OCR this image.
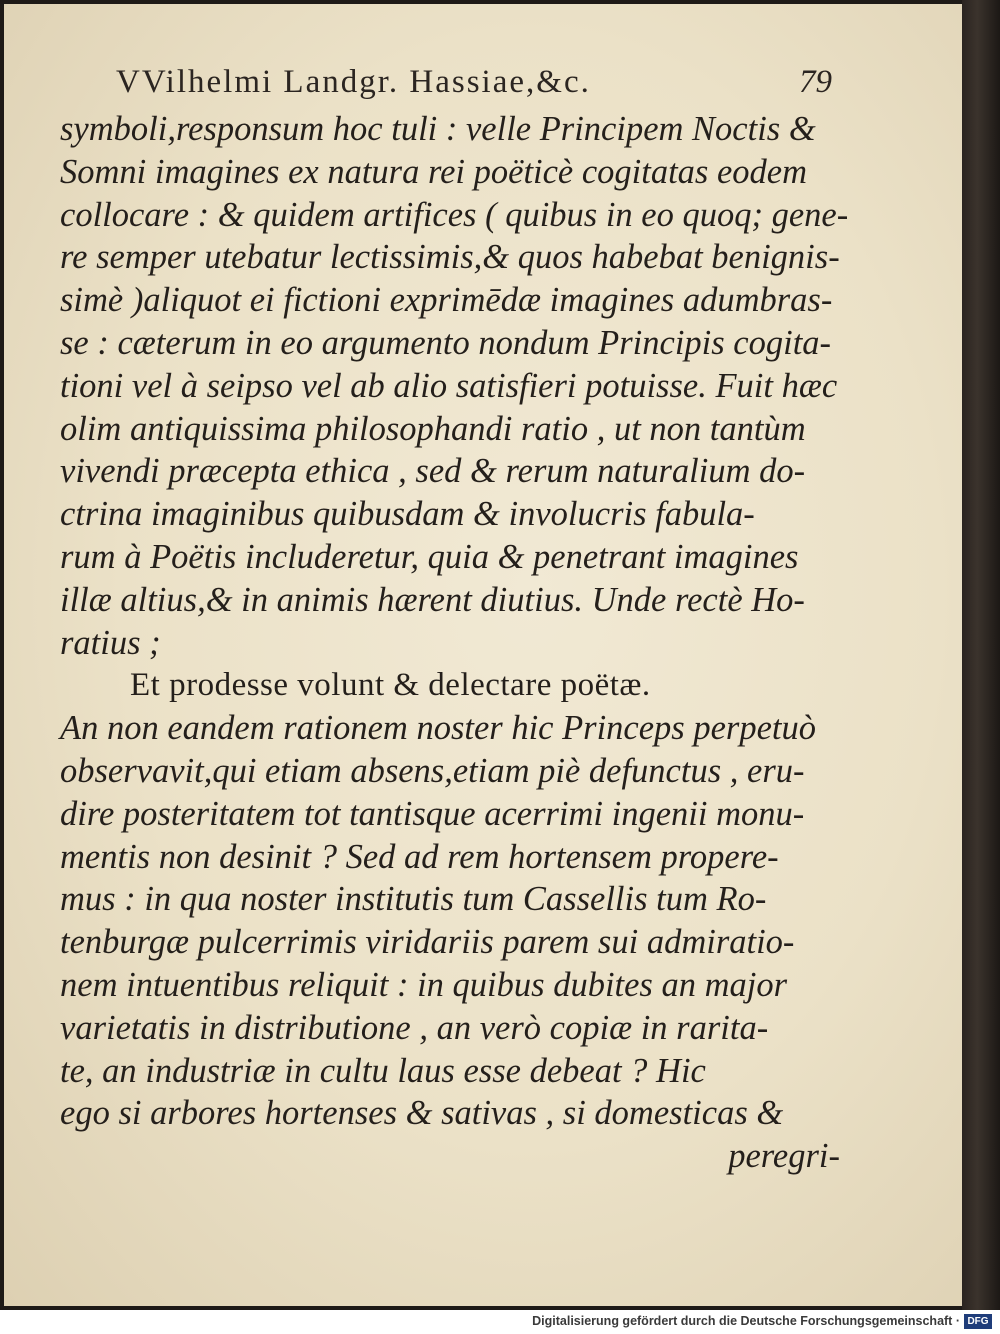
VVilhelmi Landgr. Hassiae,&c.	79
symboli,responsum hoc tuli : velle Principem Noctis &
Somni imagines ex natura rei poëticè cogitatas eodem
collocare : & quidem artifices ( quibus in eo quoq; gene-
re semper utebatur lectissimis,& quos habebat benignis-
simè )aliquot ei fictioni exprimēdæ imagines adumbras-
se : cæterum in eo argumento nondum Principis cogita-
tioni vel à seipso vel ab alio satisfieri potuisse. Fuit hæc
olim antiquissima philosophandi ratio , ut non tantùm
vivendi præcepta ethica , sed & rerum naturalium do-
ctrina imaginibus quibusdam & involucris fabula-
rum à Poëtis includeretur, quia & penetrant imagines
illæ altius,& in animis hærent diutius. Unde rectè Ho-
ratius ;
Et prodesse volunt & delectare poëtæ.
An non eandem rationem noster hic Princeps perpetuò
observavit,qui etiam absens,etiam piè defunctus , eru-
dire posteritatem tot tantisque acerrimi ingenii monu-
mentis non desinit ? Sed ad rem hortensem propere-
mus : in qua noster institutis tum Cassellis tum Ro-
tenburgæ pulcerrimis viridariis parem sui admiratio-
nem intuentibus reliquit : in quibus dubites an major
varietatis in distributione , an verò copiæ in rarita-
te, an industriæ in cultu laus esse debeat ? Hic
ego si arbores hortenses & sativas , si domesticas &
peregri-
Digitalisierung gefördert durch die Deutsche Forschungsgemeinschaft · DFG
